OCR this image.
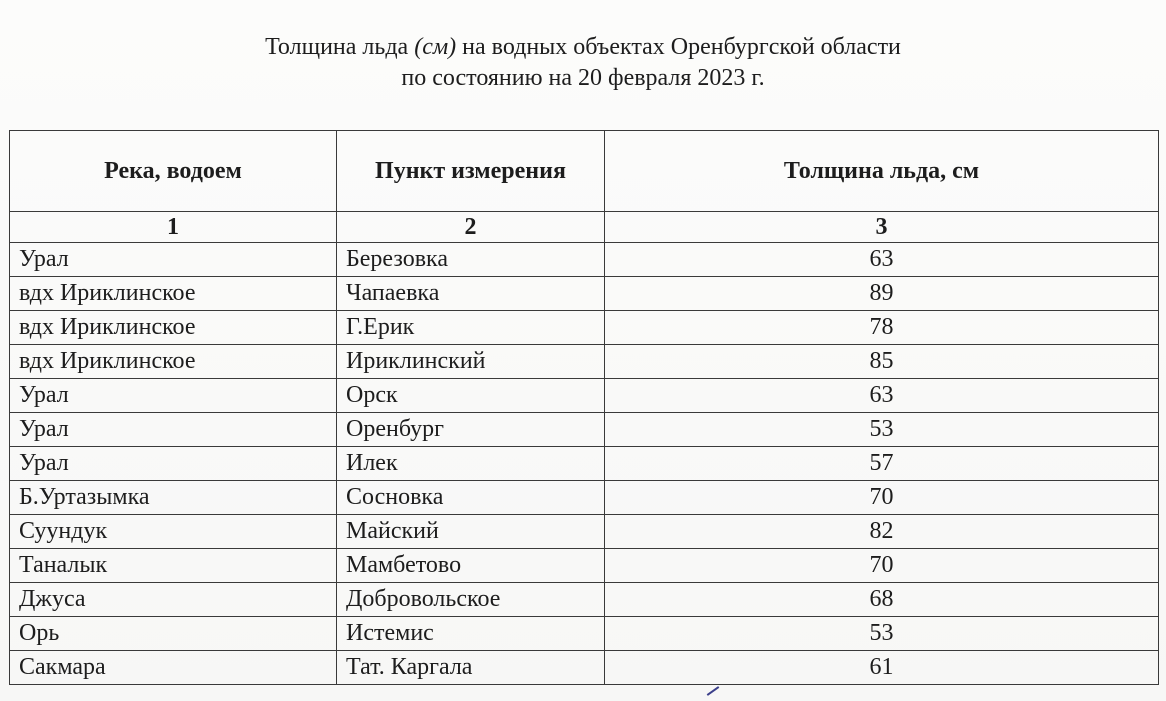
Толщина льда (см) на водных объектах Оренбургской области
по состоянию на 20 февраля 2023 г.
Река, водоем	Пункт измерения	Толщина льда, см
1	2	3
Урал	Березовка	63
вдх Ириклинское	Чапаевка	89
вдх Ириклинское	Г.Ерик	78
вдх Ириклинское	Ириклинский	85
Урал	Орск	63
Урал	Оренбург	53
Урал	Илек	57
Б.Уртазымка	Сосновка	70
Суундук	Майский	82
Таналык	Мамбетово	70
Джуса	Добровольское	68
Орь	Истемис	53
Сакмара	Тат. Каргала	61
